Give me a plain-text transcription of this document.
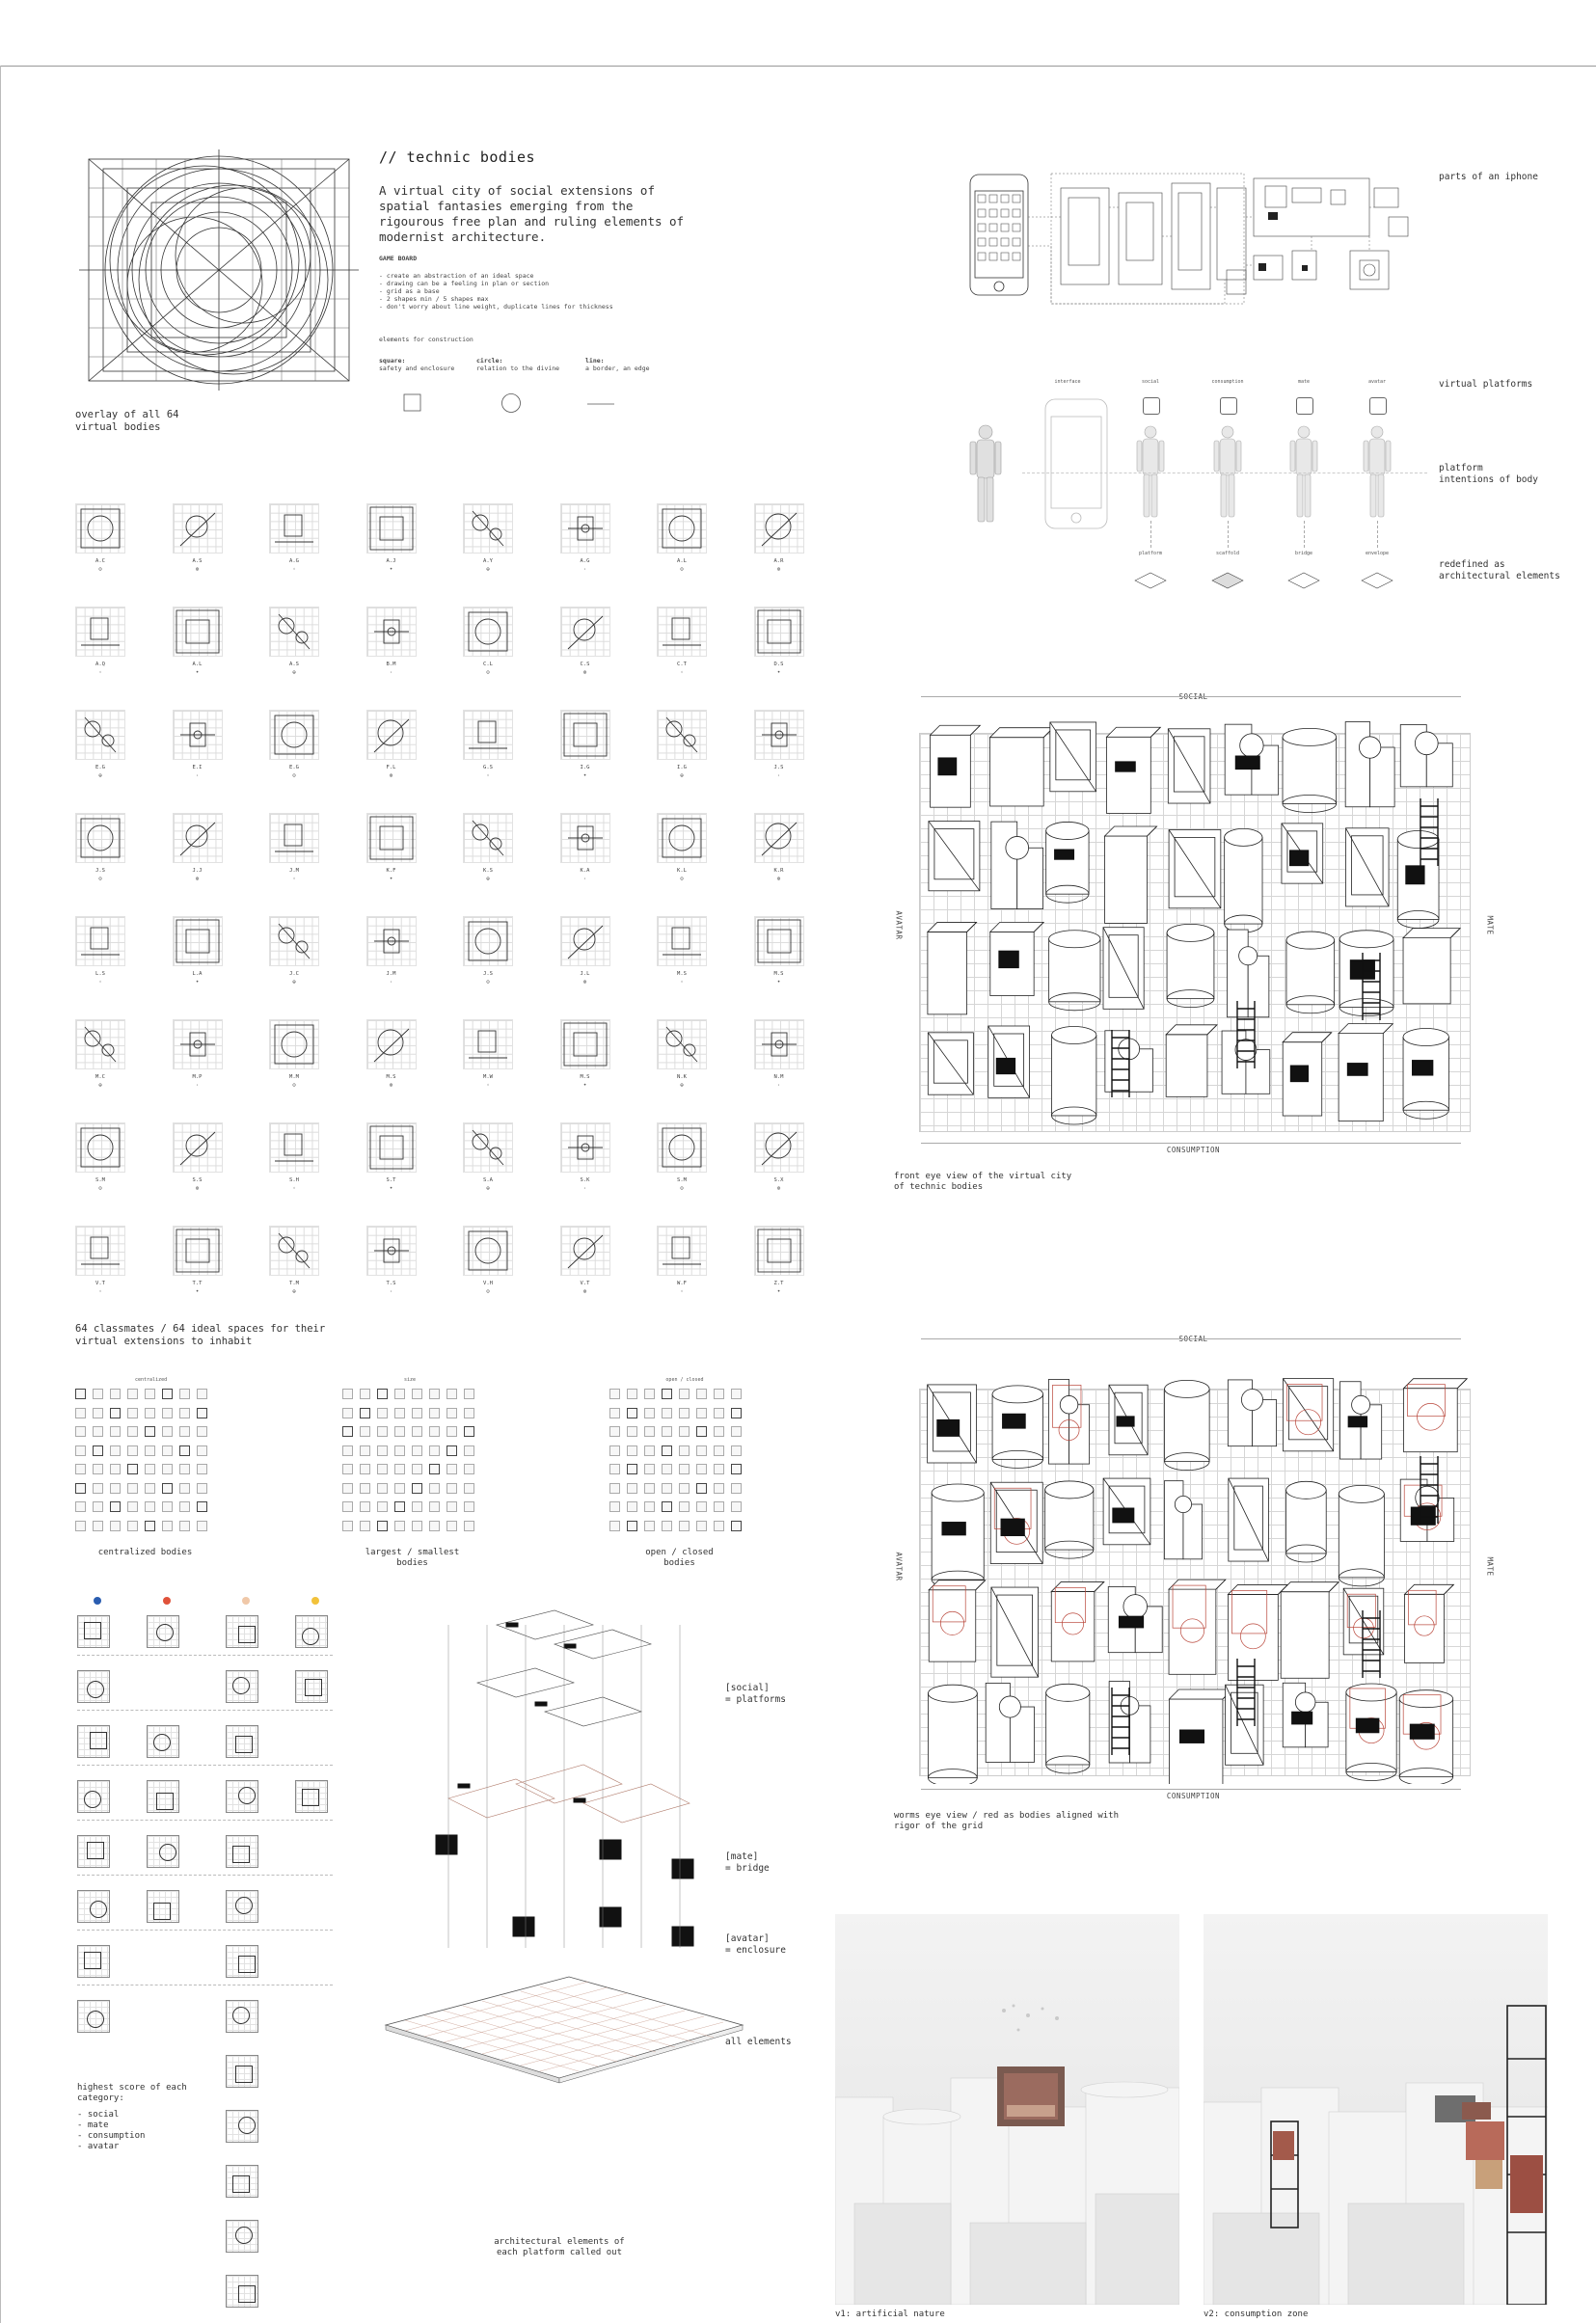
overlay of all 64
virtual bodies
// technic bodies
A virtual city of social extensions of spatial fantasies emerging from the rigourous free plan and ruling elements of modernist architecture.
GAME BOARD
- create an abstraction of an ideal space
- drawing can be a feeling in plan or section
- grid as a base
- 2 shapes min / 5 shapes max
- don't worry about line weight, duplicate lines for thickness
elements for construction
square:
safety and enclosure
circle:
relation to the divine
line:
a border, an edge
A.C
⊙
A.S
⊗
A.G
◦
A.J
•
A.Y
⊕
A.G
·
A.L
⊙
A.R
⊗
A.Q
◦
A.L
•
A.S
⊕
B.M
·
C.L
⊙
C.S
⊗
C.T
◦
D.S
•
E.G
⊕
E.I
·
E.G
⊙
F.L
⊗
G.S
◦
I.G
•
I.G
⊕
J.S
·
J.S
⊙
J.J
⊗
J.M
◦
K.F
•
K.S
⊕
K.A
·
K.L
⊙
K.R
⊗
L.S
◦
L.A
•
J.C
⊕
J.M
·
J.S
⊙
J.L
⊗
M.S
◦
M.S
•
M.C
⊕
M.P
·
M.M
⊙
M.S
⊗
M.W
◦
M.S
•
N.K
⊕
N.M
·
S.M
⊙
S.S
⊗
S.H
◦
S.T
•
S.A
⊕
S.K
·
S.M
⊙
S.X
⊗
V.T
◦
T.T
•
T.M
⊕
T.S
·
V.H
⊙
V.T
⊗
W.F
◦
Z.T
•
64 classmates / 64 ideal spaces for their
virtual extensions to inhabit
centralized bodies	largest / smallest
bodies
open / closed
bodies
centralized	size	open / closed
highest score of each
category:
- social
- mate
- consumption
- avatar
[social]
= platforms
[mate]
= bridge
[avatar]
= enclosure
all elements
architectural elements of
each platform called out
parts of an iphone
interface	social
platform
consumption
scaffold
mate
bridge
avatar
envelope
virtual platforms
platform
intentions of body
redefined as
architectural elements
CONSUMPTION
AVATAR	MATE
front eye view of the virtual city
of technic bodies
CONSUMPTION
AVATAR	MATE
worms eye view / red as bodies aligned with
rigor of the grid
v1: artificial nature	v2: consumption zone
